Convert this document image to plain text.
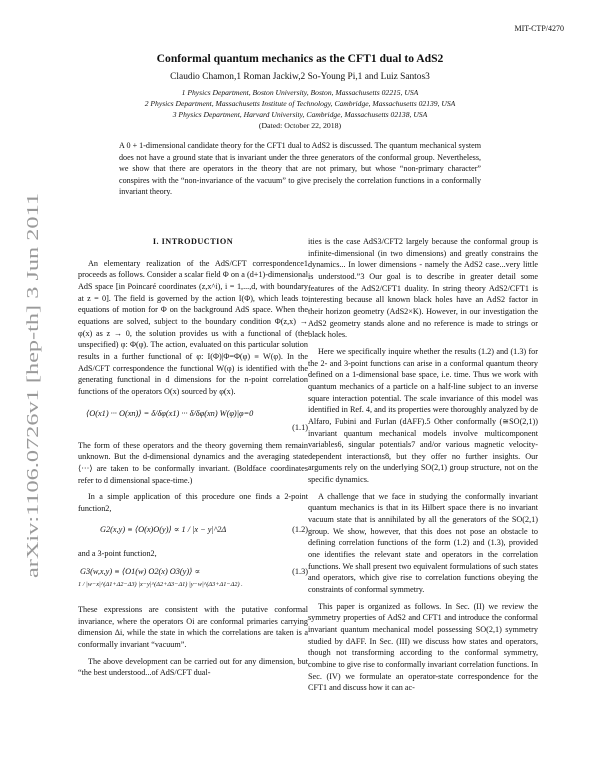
MIT-CTP/4270
Conformal quantum mechanics as the CFT1 dual to AdS2
Claudio Chamon,1 Roman Jackiw,2 So-Young Pi,1 and Luiz Santos3
1 Physics Department, Boston University, Boston, Massachusetts 02215, USA
2 Physics Department, Massachusetts Institute of Technology, Cambridge, Massachusetts 02139, USA
3 Physics Department, Harvard University, Cambridge, Massachusetts 02138, USA
(Dated: October 22, 2018)
A 0 + 1-dimensional candidate theory for the CFT1 dual to AdS2 is discussed. The quantum mechanical system does not have a ground state that is invariant under the three generators of the conformal group. Nevertheless, we show that there are operators in the theory that are not primary, but whose “non-primary character” conspires with the “non-invariance of the vacuum” to give precisely the correlation functions in a conformally invariant theory.
arXiv:1106.0726v1 [hep-th] 3 Jun 2011
I. INTRODUCTION

An elementary realization of the AdS/CFT correspondence1 proceeds as follows. Consider a scalar field Φ on a (d+1)-dimensional AdS space [in Poincaré coordinates (z,x^i), i = 1,...,d, with boundary at z = 0]. The field is governed by the action I(Φ), which leads to equations of motion for Φ on the background AdS space. When the equations are solved, subject to the boundary condition Φ(z,x) → φ(x) as z → 0, the solution provides us with a functional of (the unspecified) φ: Φ(φ). The action, evaluated on this particular solution results in a further functional of φ: I(Φ)|Φ=Φ(φ) ≡ W(φ). In the AdS/CFT correspondence the functional W(φ) is identified with the generating functional in d dimensions for the n-point correlation functions of the operators O(x) sourced by φ(x).

⟨O(x1) ··· O(xn)⟩ = δ/δφ(x1) ··· δ/δφ(xn) W(φ)|φ=0
(1.1)

The form of these operators and the theory governing them remain unknown. But the d-dimensional dynamics and the averaging state ⟨···⟩ are taken to be conformally invariant. (Boldface coordinates refer to d dimensional space-time.)

In a simple application of this procedure one finds a 2-point function2,

G2(x,y) ≡ ⟨O(x)O(y)⟩ ∝ 1 / |x − y|^2Δ	(1.2)

and a 3-point function2,

G3(w,x,y) ≡ ⟨O1(w) O2(x) O3(y)⟩ ∝	(1.3)
1 / |w−x|^(Δ1+Δ2−Δ3) |x−y|^(Δ2+Δ3−Δ1) |y−w|^(Δ3+Δ1−Δ2) .

These expressions are consistent with the putative conformal invariance, where the operators Oi are conformal primaries carrying dimension Δi, while the state in which the correlations are taken is a conformally invariant “vacuum”.

The above development can be carried out for any dimension, but “the best understood...of AdS/CFT dual-

ities is the case AdS3/CFT2 largely because the conformal group is infinite-dimensional (in two dimensions) and greatly constrains the dynamics... In lower dimensions - namely the AdS2 case...very little is understood.”3 Our goal is to describe in greater detail some features of the AdS2/CFT1 duality. In string theory AdS2/CFT1 is interesting because all known black holes have an AdS2 factor in their horizon geometry (AdS2×K). However, in our investigation the AdS2 geometry stands alone and no reference is made to strings or black holes.

Here we specifically inquire whether the results (1.2) and (1.3) for the 2- and 3-point functions can arise in a conformal quantum theory defined on a 1-dimensional base space, i.e. time. Thus we work with quantum mechanics of a particle on a half-line subject to an inverse square interaction potential. The scale invariance of this model was identified in Ref. 4, and its properties were thoroughly analyzed by de Alfaro, Fubini and Furlan (dAFF).5 Other conformally (≅SO(2,1)) invariant quantum mechanical models involve multicomponent variables6, singular potentials7 and/or various magnetic velocity-dependent interactions8, but they offer no further insights. Our arguments rely on the underlying SO(2,1) group structure, not on the specific dynamics.

A challenge that we face in studying the conformally invariant quantum mechanics is that in its Hilbert space there is no invariant vacuum state that is annihilated by all the generators of the SO(2,1) group. We show, however, that this does not pose an obstacle to defining correlation functions of the form (1.2) and (1.3), provided one identifies the relevant state and operators in the correlation functions. We shall present two equivalent formulations of such states and operators, which give rise to correlation functions obeying the constraints of conformal symmetry.

This paper is organized as follows. In Sec. (II) we review the symmetry properties of AdS2 and CFT1 and introduce the conformal invariant quantum mechanical model possessing SO(2,1) symmetry studied by dAFF. In Sec. (III) we discuss how states and operators, though not transforming according to the conformal symmetry, combine to give rise to conformally invariant correlation functions. In Sec. (IV) we formulate an operator-state correspondence for the CFT1 and discuss how it can ac-
